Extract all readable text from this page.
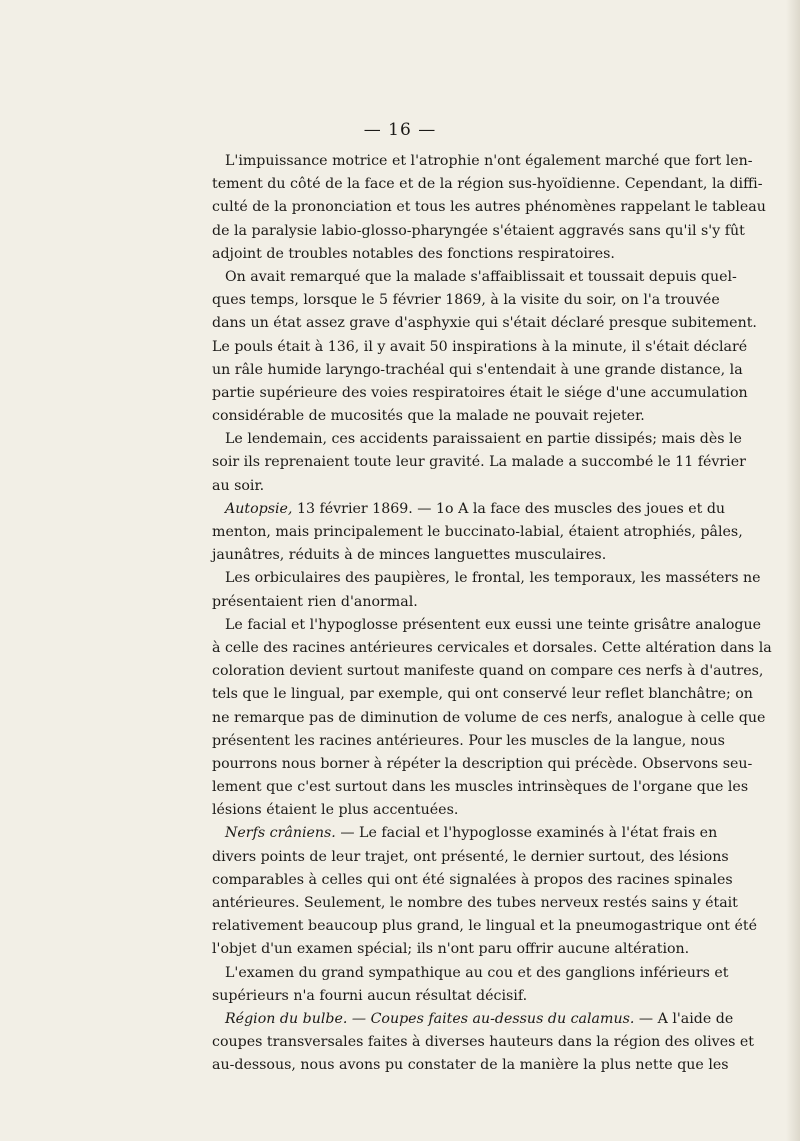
— 16 —
L'impuissance motrice et l'atrophie n'ont également marché que fort len-
tement du côté de la face et de la région sus-hyoïdienne. Cependant, la diffi-
culté de la prononciation et tous les autres phénomènes rappelant le tableau
de la paralysie labio-glosso-pharyngée s'étaient aggravés sans qu'il s'y fût
adjoint de troubles notables des fonctions respiratoires.
On avait remarqué que la malade s'affaiblissait et toussait depuis quel-
ques temps, lorsque le 5 février 1869, à la visite du soir, on l'a trouvée
dans un état assez grave d'asphyxie qui s'était déclaré presque subitement.
Le pouls était à 136, il y avait 50 inspirations à la minute, il s'était déclaré
un râle humide laryngo-trachéal qui s'entendait à une grande distance, la
partie supérieure des voies respiratoires était le siége d'une accumulation
considérable de mucosités que la malade ne pouvait rejeter.
Le lendemain, ces accidents paraissaient en partie dissipés; mais dès le
soir ils reprenaient toute leur gravité. La malade a succombé le 11 février
au soir.
Autopsie, 13 février 1869. — 1o A la face des muscles des joues et du
menton, mais principalement le buccinato-labial, étaient atrophiés, pâles,
jaunâtres, réduits à de minces languettes musculaires.
Les orbiculaires des paupières, le frontal, les temporaux, les masséters ne
présentaient rien d'anormal.
Le facial et l'hypoglosse présentent eux eussi une teinte grisâtre analogue
à celle des racines antérieures cervicales et dorsales. Cette altération dans la
coloration devient surtout manifeste quand on compare ces nerfs à d'autres,
tels que le lingual, par exemple, qui ont conservé leur reflet blanchâtre; on
ne remarque pas de diminution de volume de ces nerfs, analogue à celle que
présentent les racines antérieures. Pour les muscles de la langue, nous
pourrons nous borner à répéter la description qui précède. Observons seu-
lement que c'est surtout dans les muscles intrinsèques de l'organe que les
lésions étaient le plus accentuées.
Nerfs crâniens. — Le facial et l'hypoglosse examinés à l'état frais en
divers points de leur trajet, ont présenté, le dernier surtout, des lésions
comparables à celles qui ont été signalées à propos des racines spinales
antérieures. Seulement, le nombre des tubes nerveux restés sains y était
relativement beaucoup plus grand, le lingual et la pneumogastrique ont été
l'objet d'un examen spécial; ils n'ont paru offrir aucune altération.
L'examen du grand sympathique au cou et des ganglions inférieurs et
supérieurs n'a fourni aucun résultat décisif.
Région du bulbe. — Coupes faites au-dessus du calamus. — A l'aide de
coupes transversales faites à diverses hauteurs dans la région des olives et
au-dessous, nous avons pu constater de la manière la plus nette que les
